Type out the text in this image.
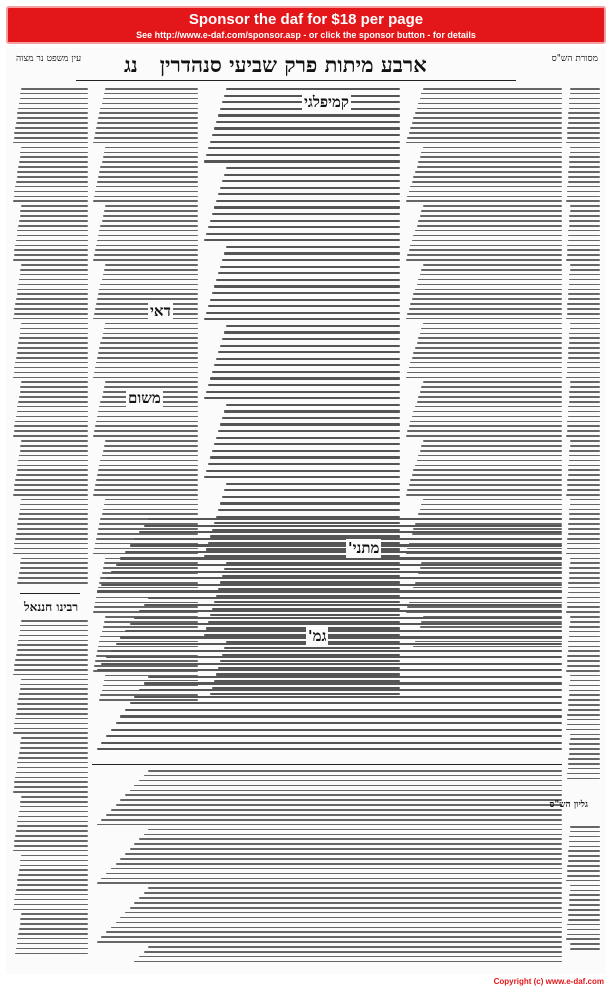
Sponsor the daf for $18 per page
See http://www.e-daf.com/sponsor.asp - or click the sponsor button - for details
עין משפט נר מצוה	ארבע מיתות פרק שביעי סנהדרין   נג	מסורת הש"ס
קמיפלגי
דאי
משום
רבינו חננאל
גמ'
מתני'
גליון הש"ס

Copyright (c) www.e-daf.com
